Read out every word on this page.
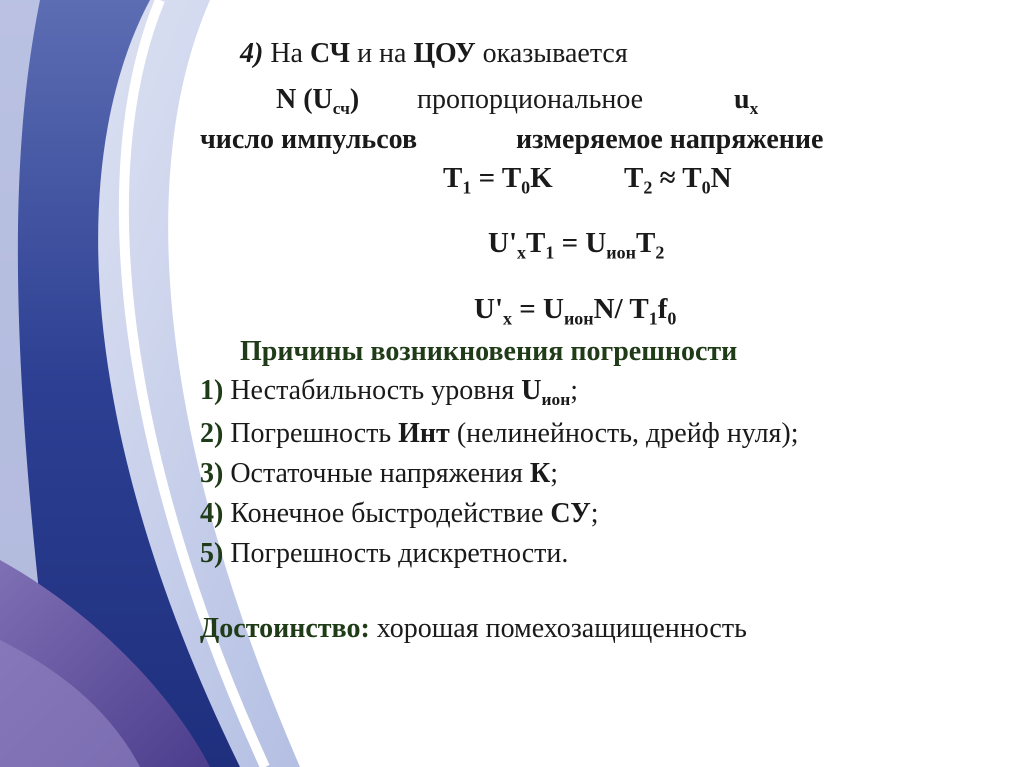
4) На СЧ и на ЦОУ оказывается
N $(U_{сч})$ пропорциональное	$u_x$
число импульсов	измеряемое напряжение
$T_1 = T_0K$ $T_2 \approx T_0N$
$U'_xT_1 = U_{ион}T_2$
$U'_x = U_{ион}N/$ $T_1f_0$
Причины возникновения погрешности
1) Нестабильность уровня $U_{ион}$;
2) Погрешность Инт (нелинейность, дрейф нуля);
3) Остаточные напряжения К;
4) Конечное быстродействие СУ;
5) Погрешность дискретности.
Достоинство: хорошая помехозащищенность
